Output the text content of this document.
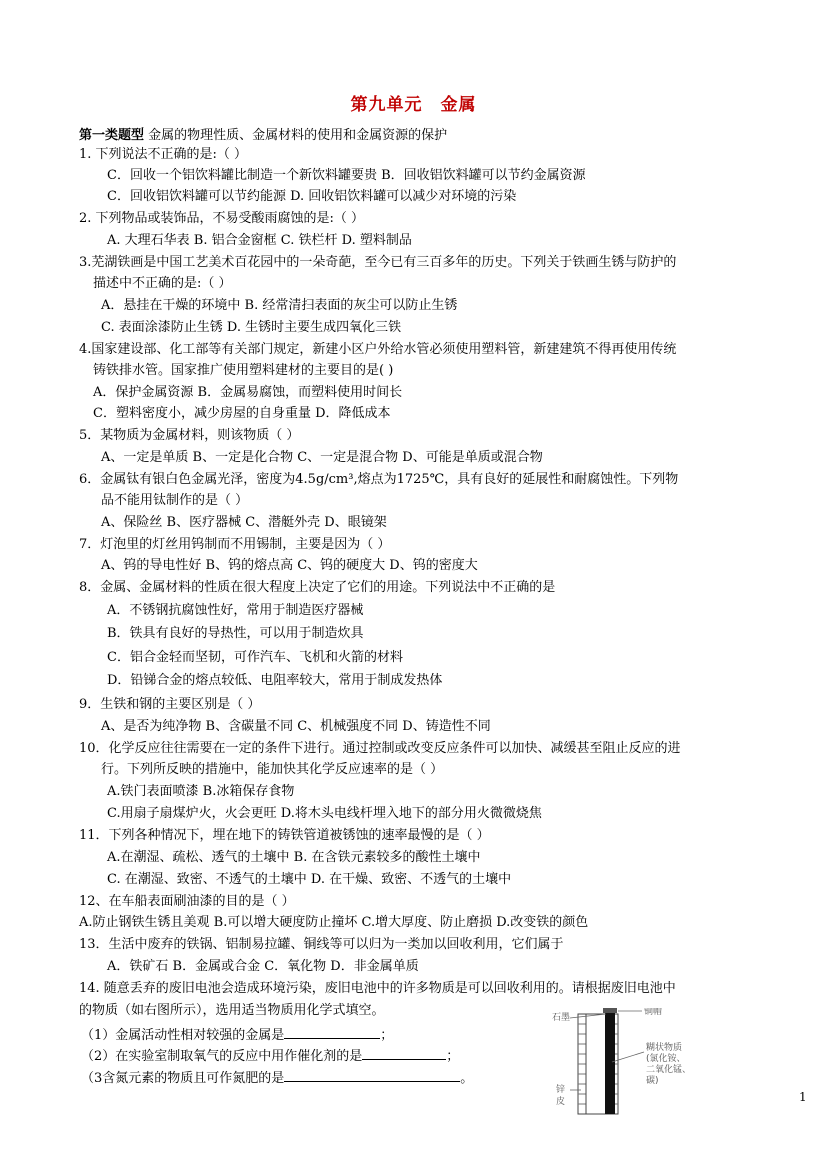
第九单元　金属
第一类题型 金属的物理性质、金属材料的使用和金属资源的保护
1. 下列说法不正确的是:（ ）
C．回收一个铝饮料罐比制造一个新饮料罐要贵 B．回收铝饮料罐可以节约金属资源
C．回收铝饮料罐可以节约能源 D. 回收铝饮料罐可以减少对环境的污染
2. 下列物品或装饰品，不易受酸雨腐蚀的是:（ ）
A. 大理石华表 B. 铝合金窗框 C. 铁栏杆 D. 塑料制品
3.芜湖铁画是中国工艺美术百花园中的一朵奇葩，至今已有三百多年的历史。下列关于铁画生锈与防护的
描述中不正确的是:（ ）
A．悬挂在干燥的环境中 B. 经常清扫表面的灰尘可以防止生锈
C. 表面涂漆防止生锈 D. 生锈时主要生成四氧化三铁
4.国家建设部、化工部等有关部门规定，新建小区户外给水管必须使用塑料管，新建建筑不得再使用传统
铸铁排水管。国家推广使用塑料建材的主要目的是( )
A．保护金属资源 B．金属易腐蚀，而塑料使用时间长
C．塑料密度小，减少房屋的自身重量 D．降低成本
5．某物质为金属材料，则该物质（ ）
A、一定是单质 B、一定是化合物 C、一定是混合物 D、可能是单质或混合物
6．金属钛有银白色金属光泽，密度为4.5g/cm³,熔点为1725℃，具有良好的延展性和耐腐蚀性。下列物
品不能用钛制作的是（ ）
A、保险丝 B、医疗器械 C、潜艇外壳 D、眼镜架
7．灯泡里的灯丝用钨制而不用锡制，主要是因为（ ）
A、钨的导电性好 B、钨的熔点高 C、钨的硬度大 D、钨的密度大
8．金属、金属材料的性质在很大程度上决定了它们的用途。下列说法中不正确的是
A．不锈钢抗腐蚀性好，常用于制造医疗器械
B．铁具有良好的导热性，可以用于制造炊具
C．铝合金轻而坚韧，可作汽车、飞机和火箭的材料
D．铅锑合金的熔点较低、电阻率较大，常用于制成发热体
9．生铁和钢的主要区别是（ ）
A、是否为纯净物 B、含碳量不同 C、机械强度不同 D、铸造性不同
10．化学反应往往需要在一定的条件下进行。通过控制或改变反应条件可以加快、减缓甚至阻止反应的进
行。下列所反映的措施中，能加快其化学反应速率的是（ ）
A.铁门表面喷漆 B.冰箱保存食物
C.用扇子扇煤炉火，火会更旺 D.将木头电线杆埋入地下的部分用火微微烧焦
11．下列各种情况下，埋在地下的铸铁管道被锈蚀的速率最慢的是（ ）
A.在潮湿、疏松、透气的土壤中 B. 在含铁元素较多的酸性土壤中
C. 在潮湿、致密、不透气的土壤中 D. 在干燥、致密、不透气的土壤中
12、在车船表面刷油漆的目的是（ ）
A.防止钢铁生锈且美观 B.可以增大硬度防止撞坏 C.增大厚度、防止磨损 D.改变铁的颜色
13．生活中废弃的铁锅、铝制易拉罐、铜线等可以归为一类加以回收利用，它们属于
A．铁矿石 B．金属或合金 C．氧化物 D．非金属单质
14. 随意丢弃的废旧电池会造成环境污染，废旧电池中的许多物质是可以回收利用的。请根据废旧电池中
的物质（如右图所示），选用适当物质用化学式填空。
（1）金属活动性相对较强的金属是	；
（2）在实验室制取氧气的反应中用作催化剂的是	；
（3含氮元素的物质且可作氮肥的是	。
石墨
铜帽
糊状物质
(氯化铵、
二氧化锰、
碳)
锌
皮	1
